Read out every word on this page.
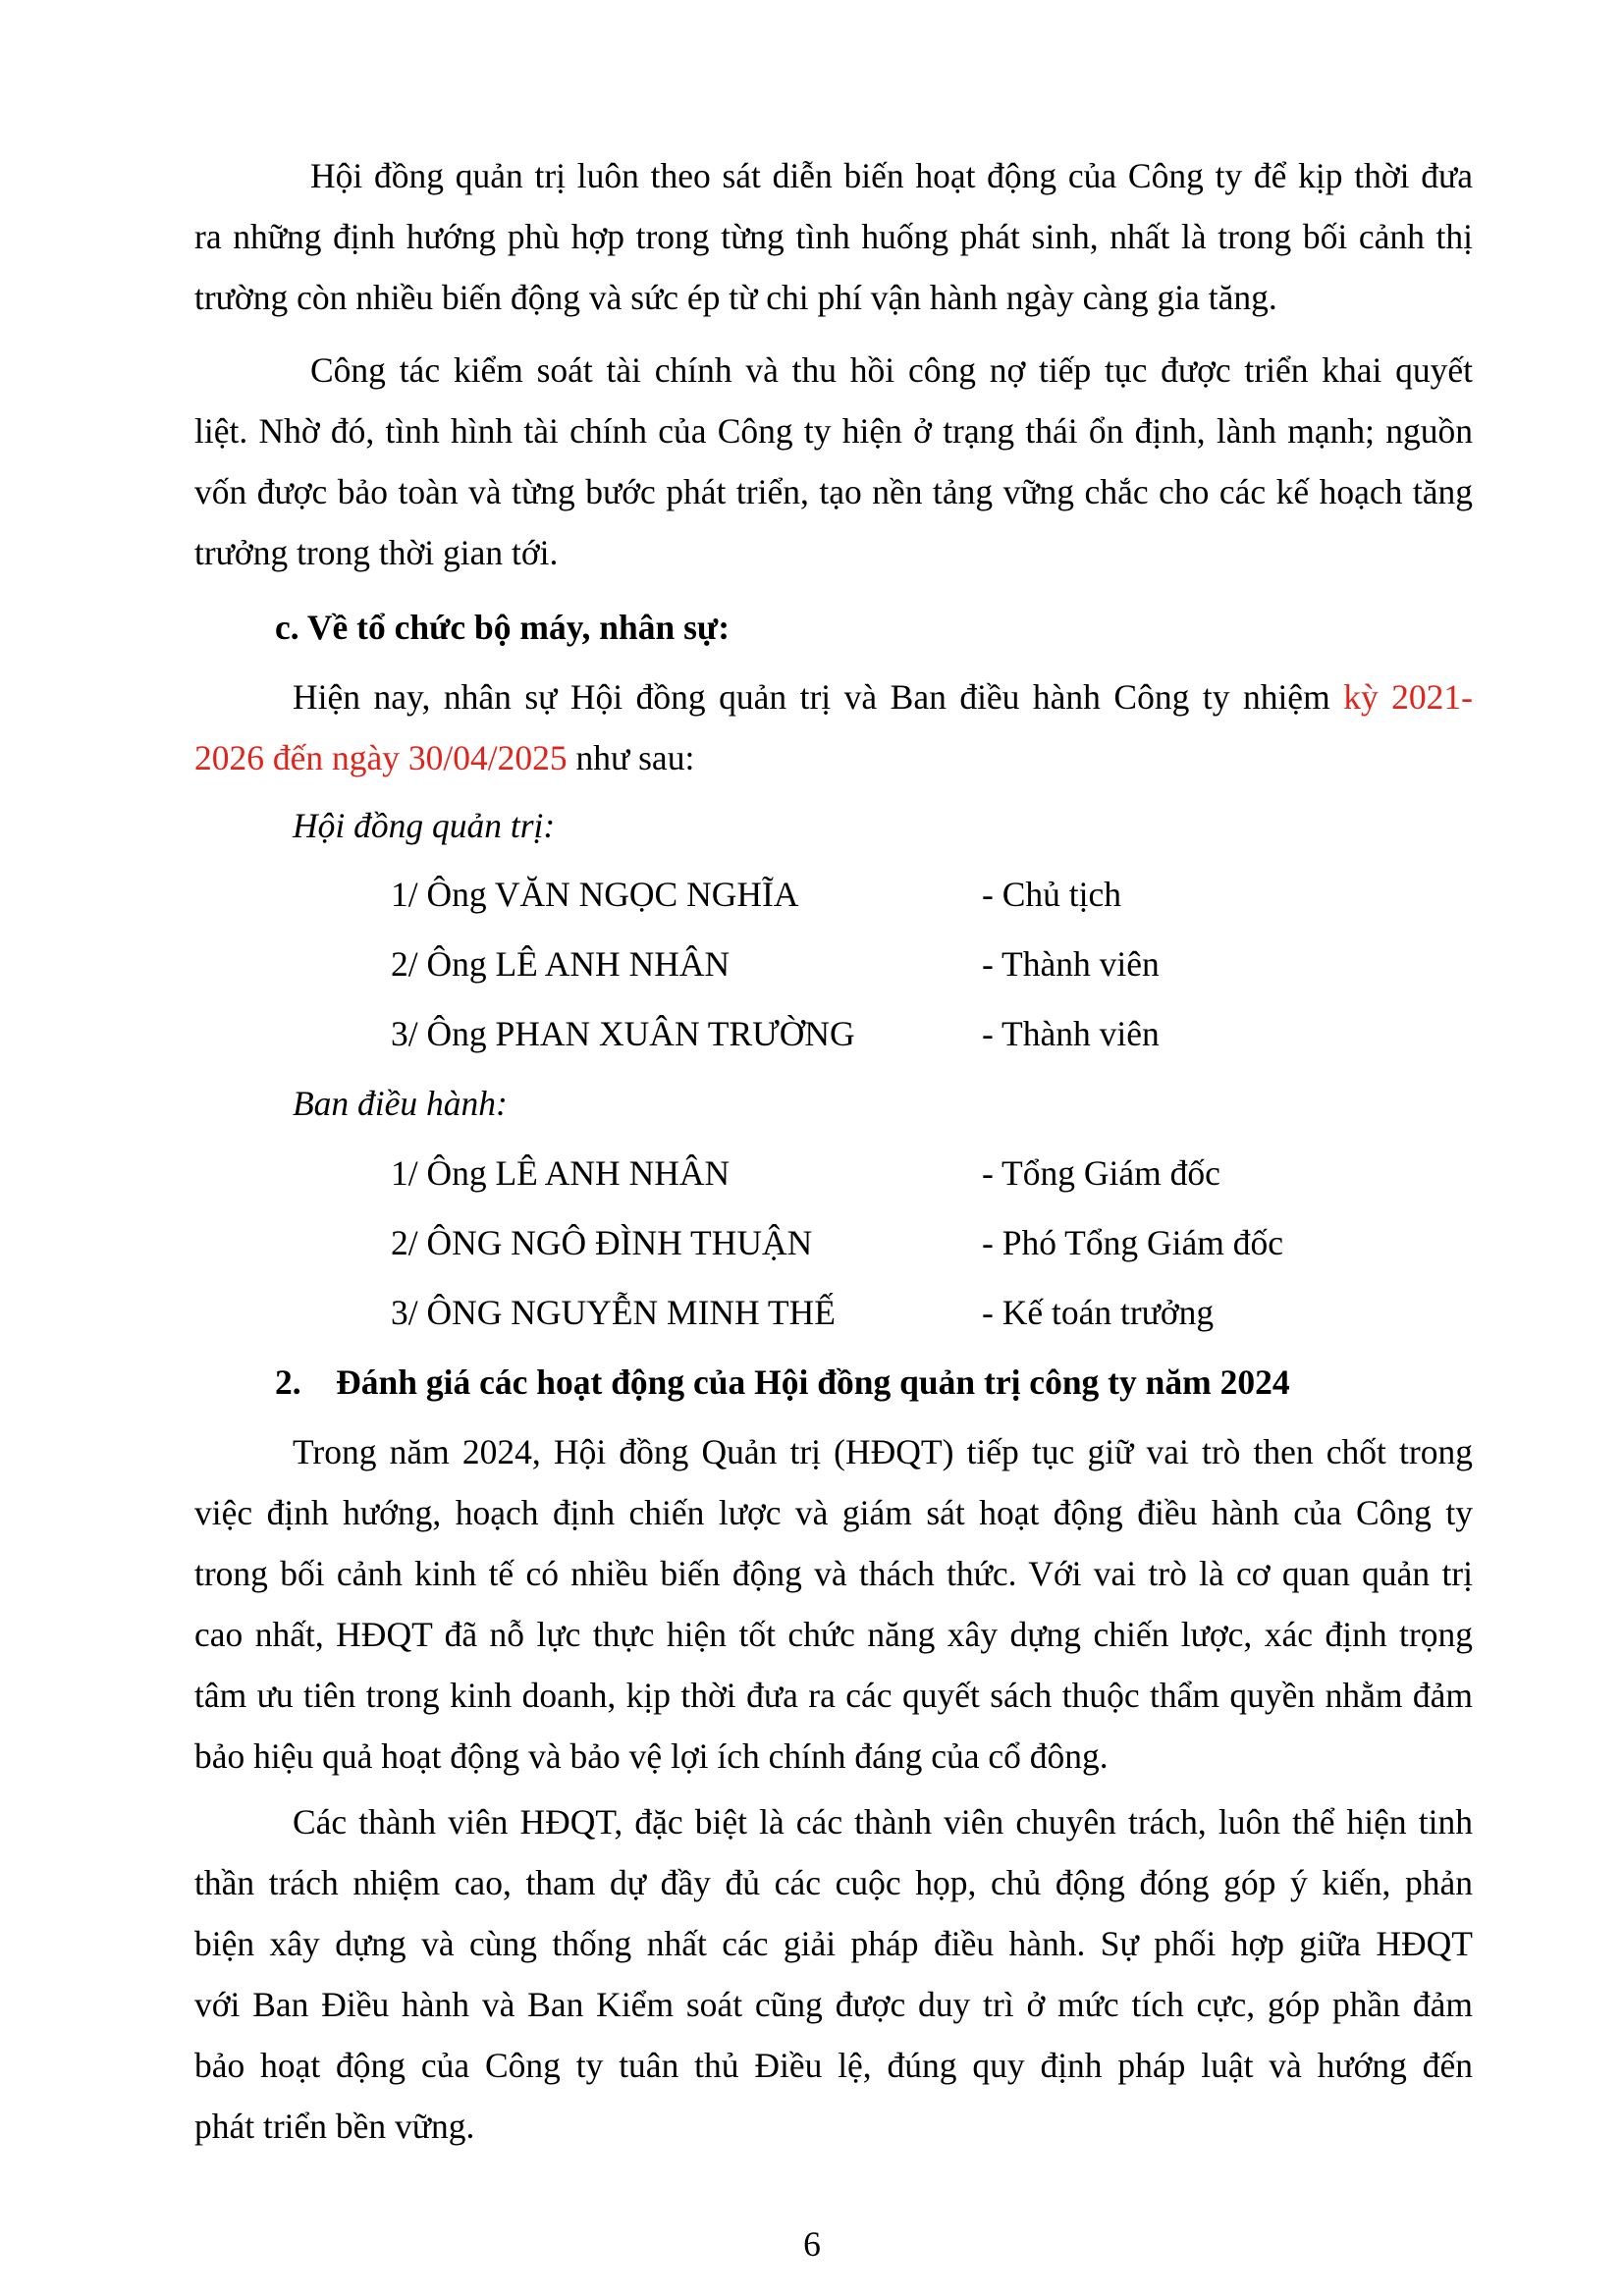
Hội đồng quản trị luôn theo sát diễn biến hoạt động của Công ty để kịp thời đưa
ra những định hướng phù hợp trong từng tình huống phát sinh, nhất là trong bối cảnh thị
trường còn nhiều biến động và sức ép từ chi phí vận hành ngày càng gia tăng.
Công tác kiểm soát tài chính và thu hồi công nợ tiếp tục được triển khai quyết
liệt. Nhờ đó, tình hình tài chính của Công ty hiện ở trạng thái ổn định, lành mạnh; nguồn
vốn được bảo toàn và từng bước phát triển, tạo nền tảng vững chắc cho các kế hoạch tăng
trưởng trong thời gian tới.
c. Về tổ chức bộ máy, nhân sự:
Hiện nay, nhân sự Hội đồng quản trị và Ban điều hành Công ty nhiệm kỳ 2021-
2026 đến ngày 30/04/2025 như sau:
Hội đồng quản trị:
1/ Ông VĂN NGỌC NGHĨA	- Chủ tịch
2/ Ông LÊ ANH NHÂN	- Thành viên
3/ Ông PHAN XUÂN TRƯỜNG	- Thành viên
Ban điều hành:
1/ Ông LÊ ANH NHÂN	- Tổng Giám đốc
2/ ÔNG NGÔ ĐÌNH THUẬN	- Phó Tổng Giám đốc
3/ ÔNG NGUYỄN MINH THẾ	- Kế toán trưởng
2.    Đánh giá các hoạt động của Hội đồng quản trị công ty năm 2024
Trong năm 2024, Hội đồng Quản trị (HĐQT) tiếp tục giữ vai trò then chốt trong
việc định hướng, hoạch định chiến lược và giám sát hoạt động điều hành của Công ty
trong bối cảnh kinh tế có nhiều biến động và thách thức. Với vai trò là cơ quan quản trị
cao nhất, HĐQT đã nỗ lực thực hiện tốt chức năng xây dựng chiến lược, xác định trọng
tâm ưu tiên trong kinh doanh, kịp thời đưa ra các quyết sách thuộc thẩm quyền nhằm đảm
bảo hiệu quả hoạt động và bảo vệ lợi ích chính đáng của cổ đông.
Các thành viên HĐQT, đặc biệt là các thành viên chuyên trách, luôn thể hiện tinh
thần trách nhiệm cao, tham dự đầy đủ các cuộc họp, chủ động đóng góp ý kiến, phản
biện xây dựng và cùng thống nhất các giải pháp điều hành. Sự phối hợp giữa HĐQT
với Ban Điều hành và Ban Kiểm soát cũng được duy trì ở mức tích cực, góp phần đảm
bảo hoạt động của Công ty tuân thủ Điều lệ, đúng quy định pháp luật và hướng đến
phát triển bền vững.
6
